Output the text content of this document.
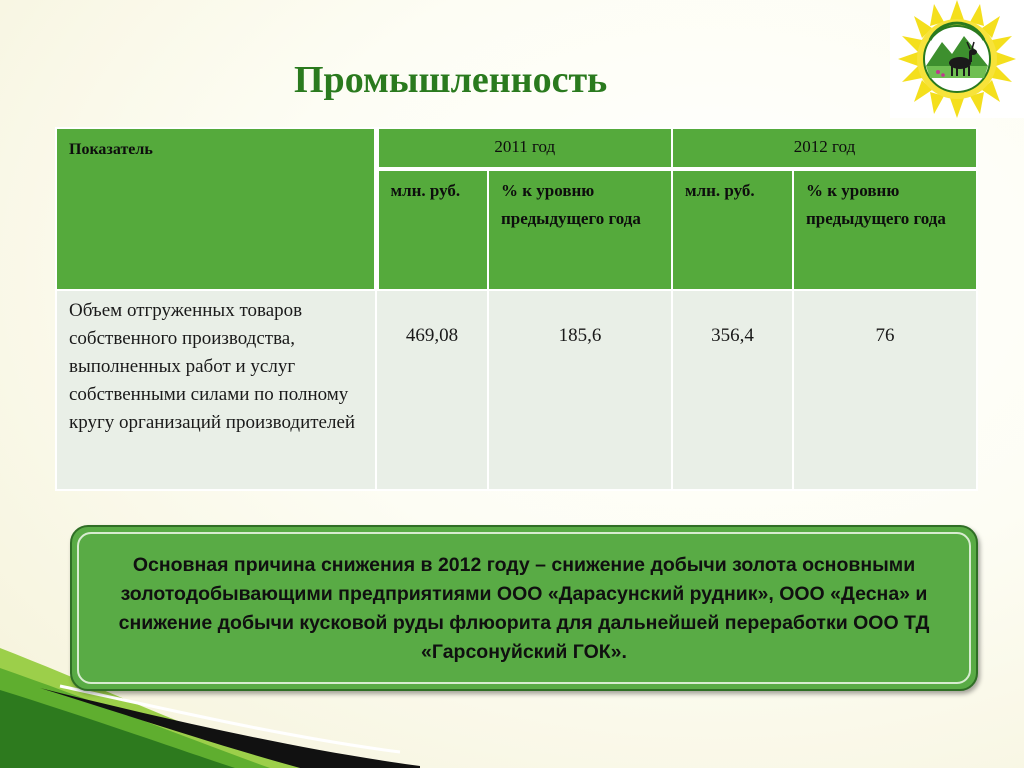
Промышленность
Показатель	2011 год		2012 год	
	млн. руб.	% к уровню предыдущего года	млн. руб.	% к уровню предыдущего года
Объем отгруженных товаров собственного производства, выполненных работ и услуг собственными силами по полному кругу организаций производителей	469,08	185,6	356,4	76

Основная причина снижения в 2012 году – снижение добычи золота основными золотодобывающими предприятиями ООО «Дарасунский рудник», ООО «Десна» и снижение добычи кусковой руды флюорита для дальнейшей переработки ООО ТД «Гарсонуйский ГОК».
